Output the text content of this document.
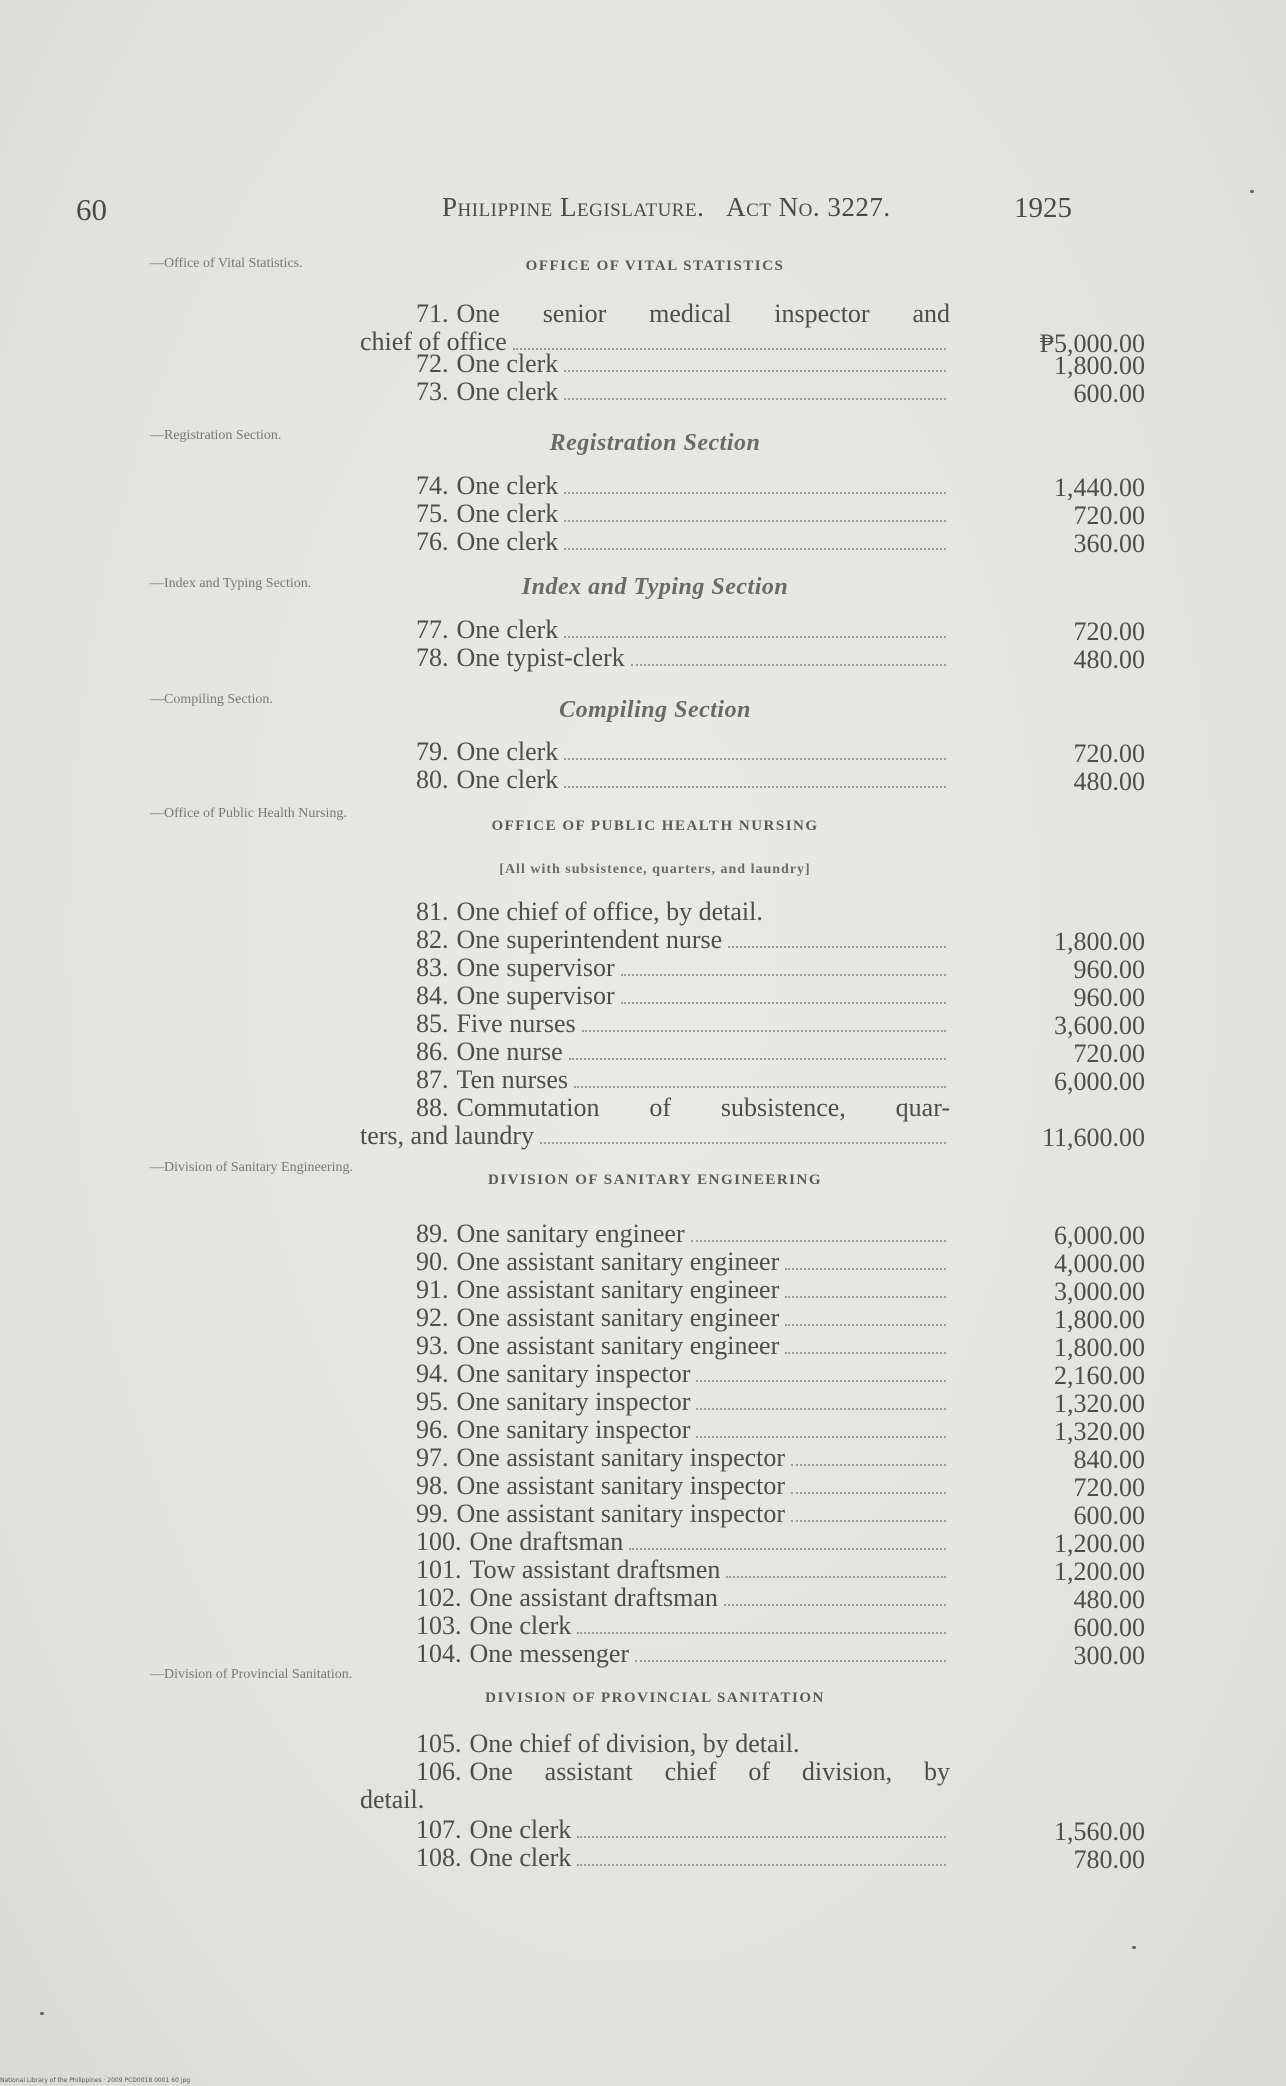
60	Philippine Legislature. Act No. 3227.	1925
—Office of Vital Statistics.
—Registration Section.
—Index and Typing Section.
—Compiling Section.
—Office of Public Health Nursing.
—Division of Sanitary Engineering.
—Division of Provincial Sanitation.
OFFICE OF VITAL STATISTICS
Registration Section
Index and Typing Section
Compiling Section
OFFICE OF PUBLIC HEALTH NURSING
[All with subsistence, quarters, and laundry]
DIVISION OF SANITARY ENGINEERING
DIVISION OF PROVINCIAL SANITATION
71. One senior medical inspector and
chief of office	₱5,000.00
72. One clerk	1,800.00
73. One clerk	600.00
74. One clerk	1,440.00
75. One clerk	720.00
76. One clerk	360.00
77. One clerk	720.00
78. One typist-clerk	480.00
79. One clerk	720.00
80. One clerk	480.00
81. One chief of office, by detail.
82. One superintendent nurse	1,800.00
83. One supervisor	960.00
84. One supervisor	960.00
85. Five nurses	3,600.00
86. One nurse	720.00
87. Ten nurses	6,000.00
88. Commutation of subsistence, quar-
ters, and laundry	11,600.00
89. One sanitary engineer	6,000.00
90. One assistant sanitary engineer	4,000.00
91. One assistant sanitary engineer	3,000.00
92. One assistant sanitary engineer	1,800.00
93. One assistant sanitary engineer	1,800.00
94. One sanitary inspector	2,160.00
95. One sanitary inspector	1,320.00
96. One sanitary inspector	1,320.00
97. One assistant sanitary inspector	840.00
98. One assistant sanitary inspector	720.00
99. One assistant sanitary inspector	600.00
100. One draftsman	1,200.00
101. Tow assistant draftsmen	1,200.00
102. One assistant draftsman	480.00
103. One clerk	600.00
104. One messenger	300.00
105. One chief of division, by detail.
106. One assistant chief of division, by
detail.
107. One clerk	1,560.00
108. One clerk	780.00
National Library of the Philippines · 2009 PCD0018 0001 60 jpg
